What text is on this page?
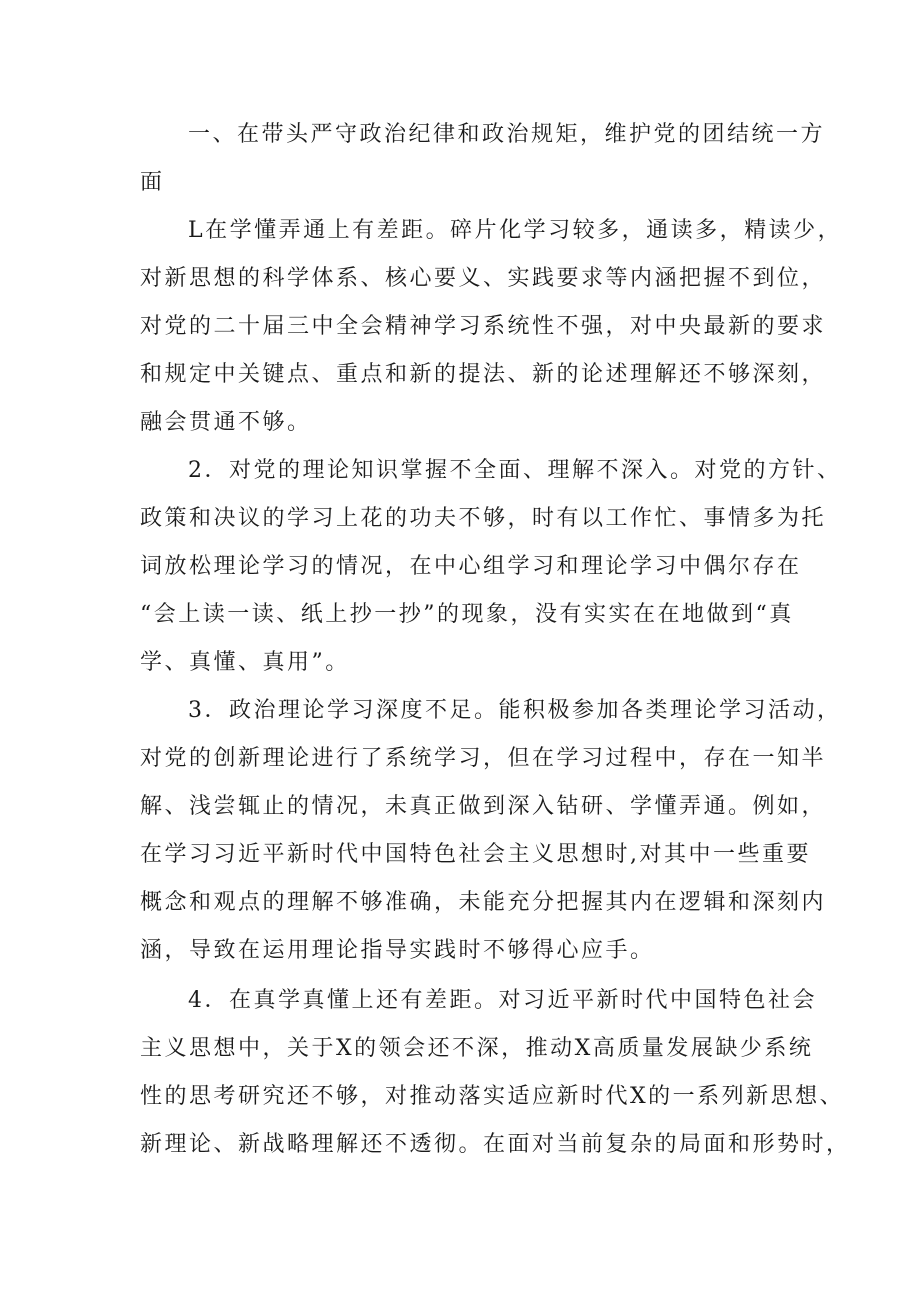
一、在带头严守政治纪律和政治规矩，维护党的团结统一方
面
L在学懂弄通上有差距。碎片化学习较多，通读多，精读少，
对新思想的科学体系、核心要义、实践要求等内涵把握不到位，
对党的二十届三中全会精神学习系统性不强，对中央最新的要求
和规定中关键点、重点和新的提法、新的论述理解还不够深刻，
融会贯通不够。
2．对党的理论知识掌握不全面、理解不深入。对党的方针、
政策和决议的学习上花的功夫不够，时有以工作忙、事情多为托
词放松理论学习的情况，在中心组学习和理论学习中偶尔存在
“会上读一读、纸上抄一抄”的现象，没有实实在在地做到“真
学、真懂、真用”。
3．政治理论学习深度不足。能积极参加各类理论学习活动，
对党的创新理论进行了系统学习，但在学习过程中，存在一知半
解、浅尝辄止的情况，未真正做到深入钻研、学懂弄通。例如，
在学习习近平新时代中国特色社会主义思想时,对其中一些重要
概念和观点的理解不够准确，未能充分把握其内在逻辑和深刻内
涵，导致在运用理论指导实践时不够得心应手。
4．在真学真懂上还有差距。对习近平新时代中国特色社会
主义思想中，关于X的领会还不深，推动X高质量发展缺少系统
性的思考研究还不够，对推动落实适应新时代X的一系列新思想、
新理论、新战略理解还不透彻。在面对当前复杂的局面和形势时，
